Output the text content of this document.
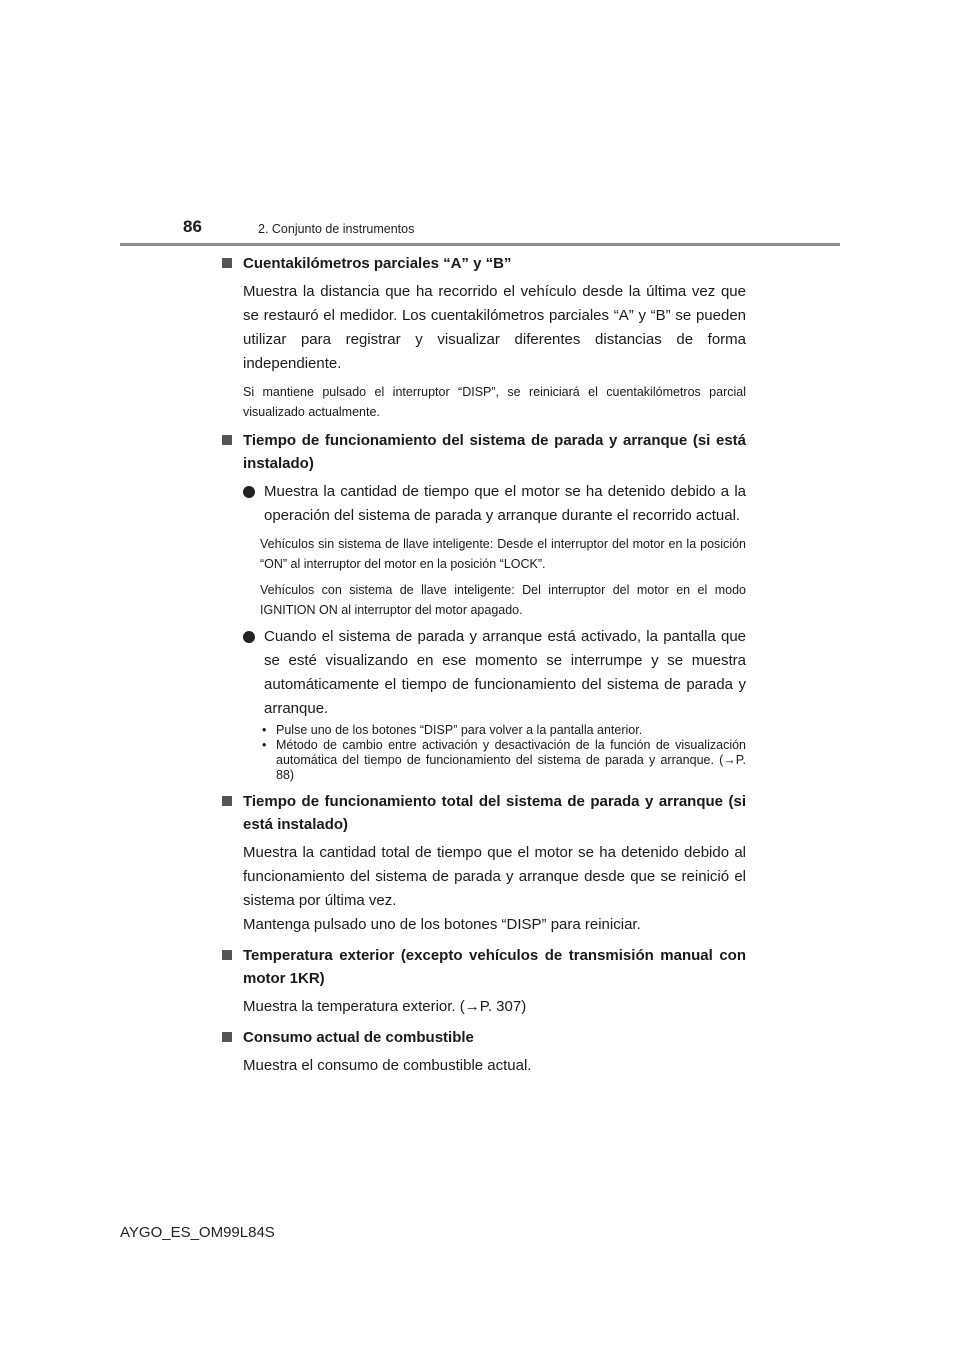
86	2. Conjunto de instrumentos
Cuentakilómetros parciales “A” y “B”
Muestra la distancia que ha recorrido el vehículo desde la última vez que se restauró el medidor. Los cuentakilómetros parciales “A” y “B” se pueden utilizar para registrar y visualizar diferentes distancias de forma independiente.
Si mantiene pulsado el interruptor “DISP”, se reiniciará el cuentakilómetros parcial visualizado actualmente.
Tiempo de funcionamiento del sistema de parada y arranque (si está instalado)
Muestra la cantidad de tiempo que el motor se ha detenido debido a la operación del sistema de parada y arranque durante el recorrido actual.
Vehículos sin sistema de llave inteligente: Desde el interruptor del motor en la posición “ON” al interruptor del motor en la posición “LOCK”.
Vehículos con sistema de llave inteligente: Del interruptor del motor en el modo IGNITION ON al interruptor del motor apagado.
Cuando el sistema de parada y arranque está activado, la pantalla que se esté visualizando en ese momento se interrumpe y se muestra automáticamente el tiempo de funcionamiento del sistema de parada y arranque.
• Pulse uno de los botones “DISP” para volver a la pantalla anterior.
• Método de cambio entre activación y desactivación de la función de visualización automática del tiempo de funcionamiento del sistema de parada y arranque. (→P. 88)
Tiempo de funcionamiento total del sistema de parada y arranque (si está instalado)
Muestra la cantidad total de tiempo que el motor se ha detenido debido al funcionamiento del sistema de parada y arranque desde que se reinició el sistema por última vez.
Mantenga pulsado uno de los botones “DISP” para reiniciar.
Temperatura exterior (excepto vehículos de transmisión manual con motor 1KR)
Muestra la temperatura exterior. (→P. 307)
Consumo actual de combustible
Muestra el consumo de combustible actual.
AYGO_ES_OM99L84S
